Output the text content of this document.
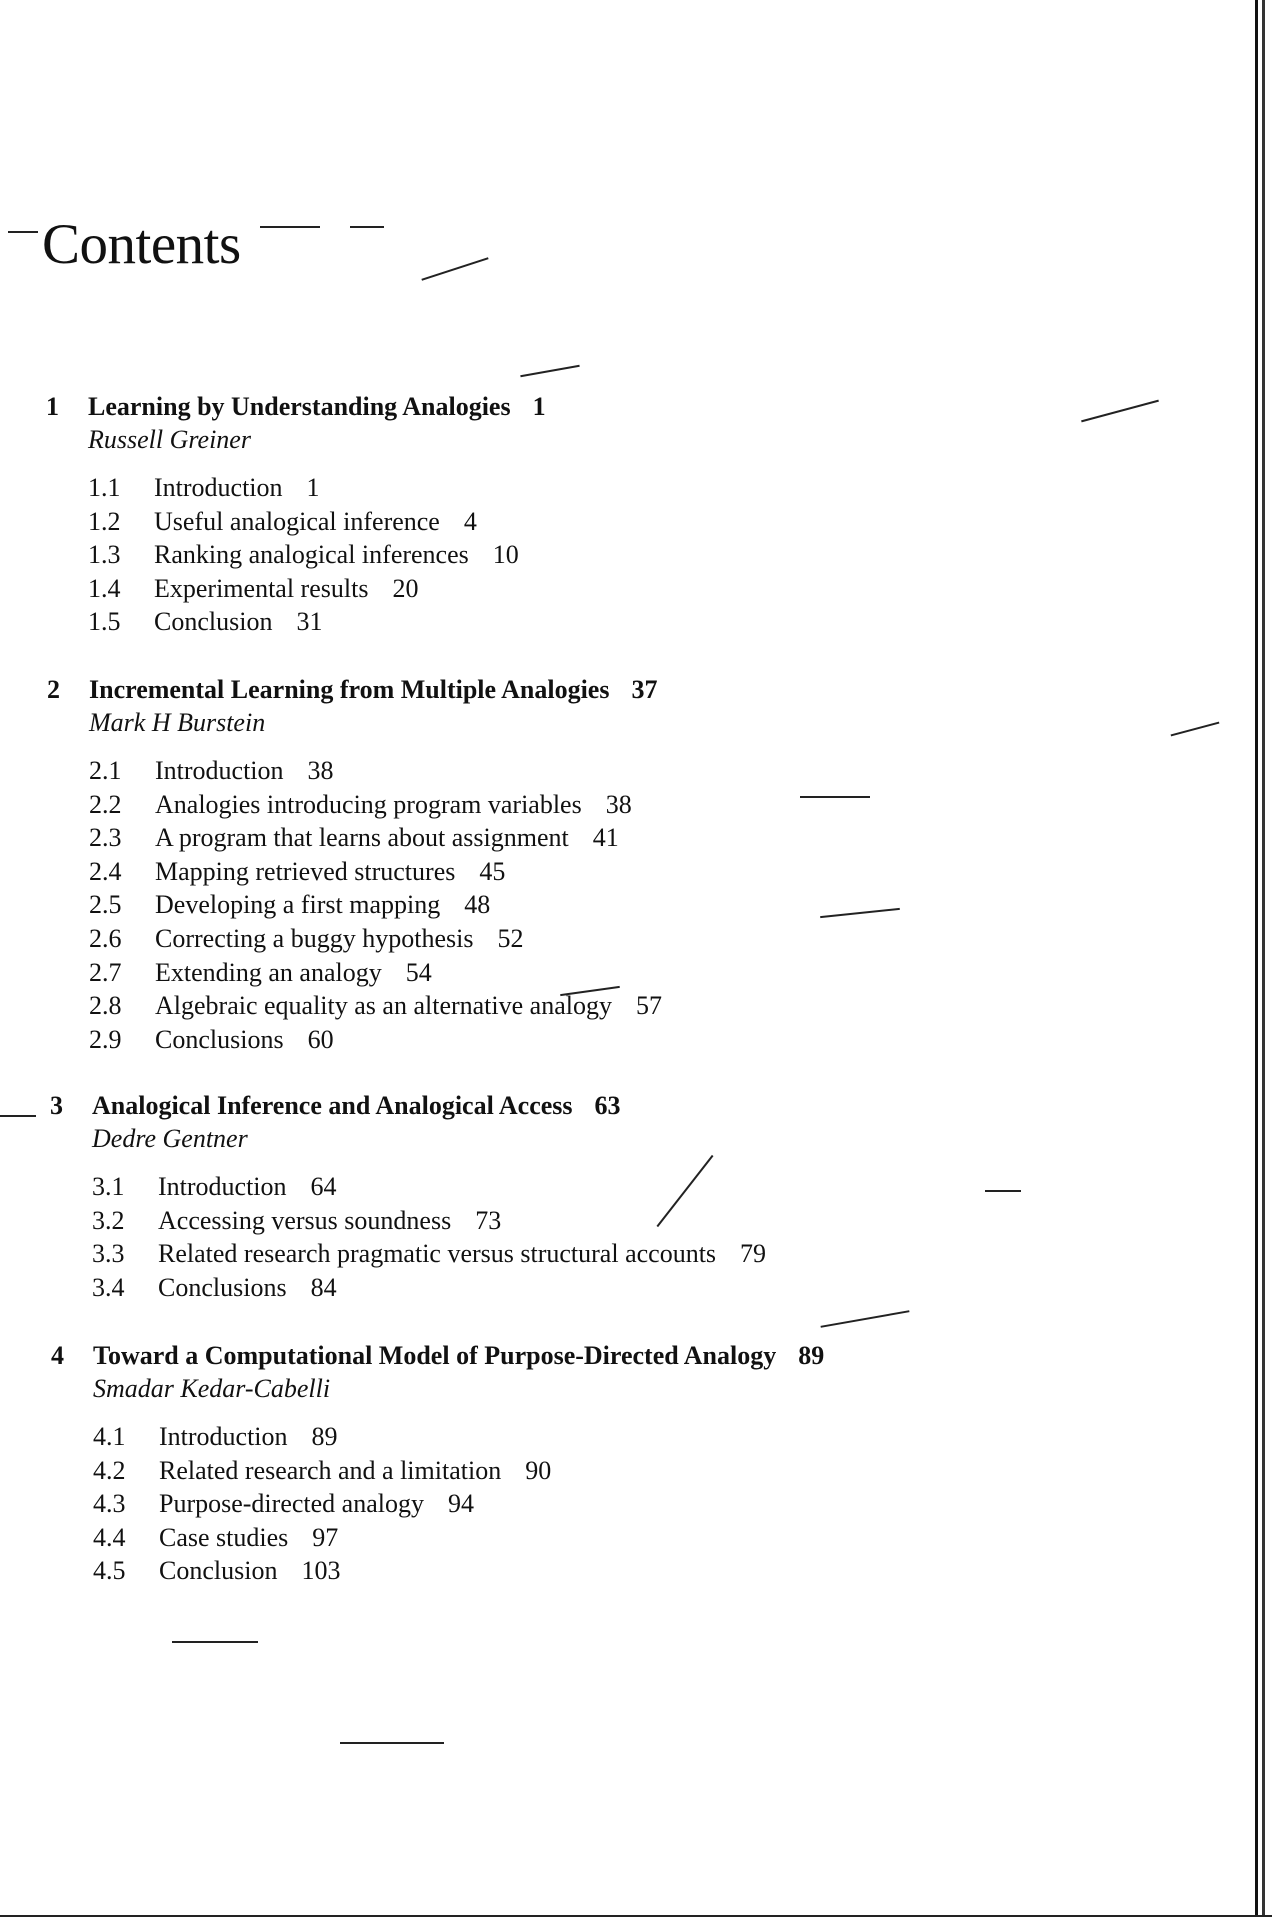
Contents
1	Learning by Understanding Analogies 1
Russell Greiner
1.1	Introduction 1
1.2	Useful analogical inference 4
1.3	Ranking analogical inferences 10
1.4	Experimental results 20
1.5	Conclusion 31
2	Incremental Learning from Multiple Analogies 37
Mark H Burstein
2.1	Introduction 38
2.2	Analogies introducing program variables 38
2.3	A program that learns about assignment 41
2.4	Mapping retrieved structures 45
2.5	Developing a first mapping 48
2.6	Correcting a buggy hypothesis 52
2.7	Extending an analogy 54
2.8	Algebraic equality as an alternative analogy 57
2.9	Conclusions 60
3	Analogical Inference and Analogical Access 63
Dedre Gentner
3.1	Introduction 64
3.2	Accessing versus soundness 73
3.3	Related research pragmatic versus structural accounts 79
3.4	Conclusions 84
4	Toward a Computational Model of Purpose-Directed Analogy 89
Smadar Kedar-Cabelli
4.1	Introduction 89
4.2	Related research and a limitation 90
4.3	Purpose-directed analogy 94
4.4	Case studies 97
4.5	Conclusion 103
